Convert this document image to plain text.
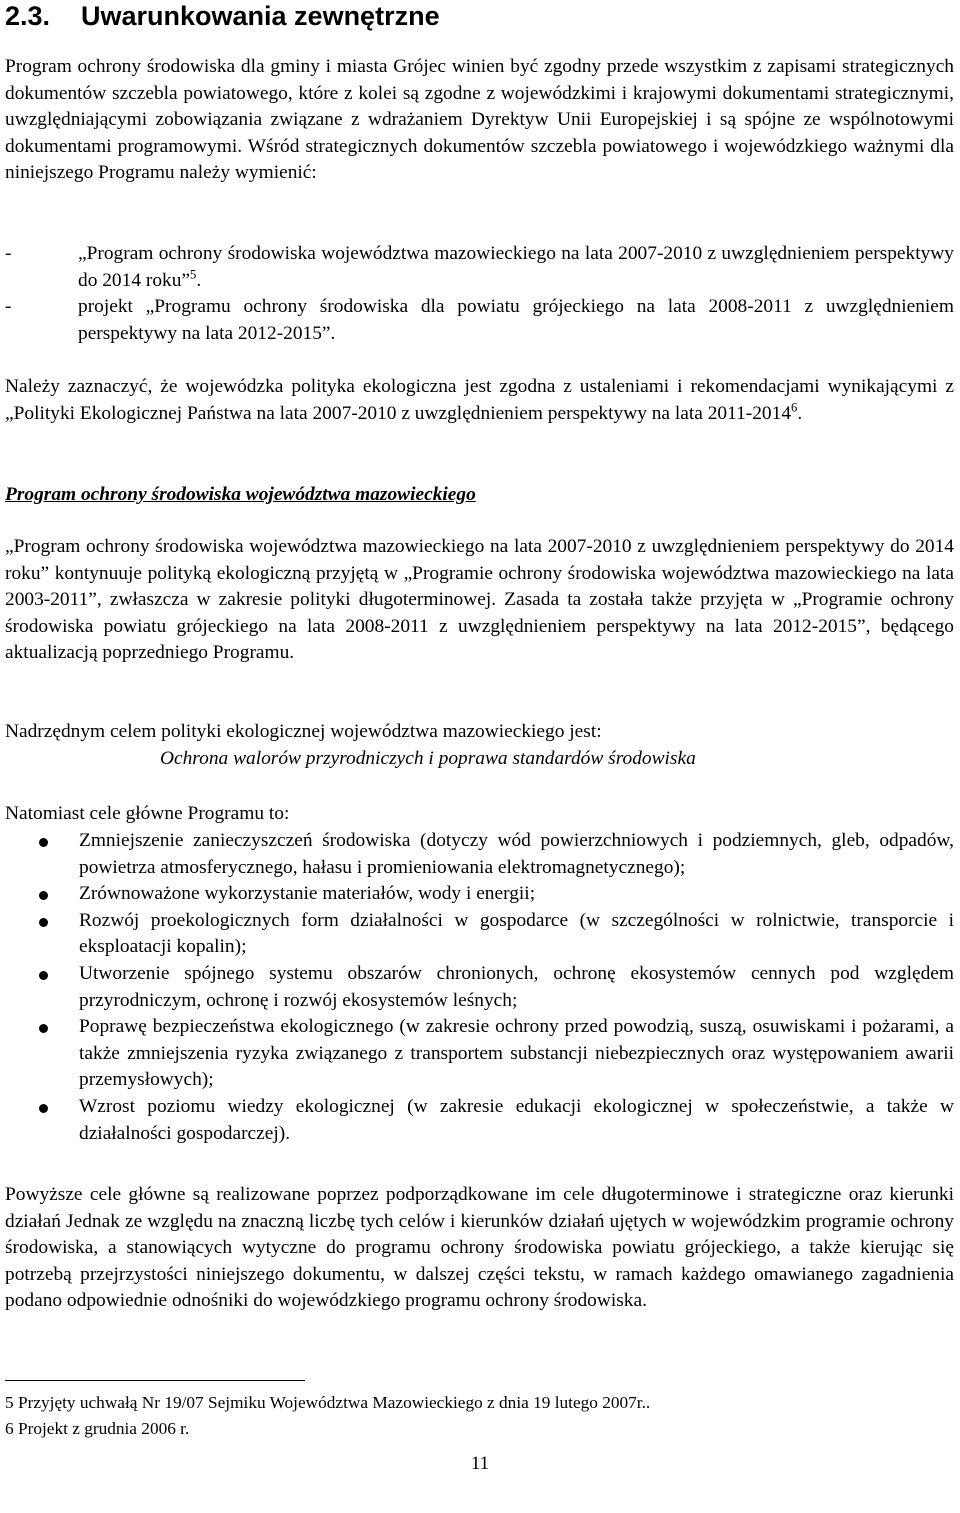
2.3. Uwarunkowania zewnętrzne
Program ochrony środowiska dla gminy i miasta Grójec winien być zgodny przede wszystkim z zapisami strategicznych dokumentów szczebla powiatowego, które z kolei są zgodne z wojewódzkimi i krajowymi dokumentami strategicznymi, uwzględniającymi zobowiązania związane z wdrażaniem Dyrektyw Unii Europejskiej i są spójne ze wspólnotowymi dokumentami programowymi. Wśród strategicznych dokumentów szczebla powiatowego i wojewódzkiego ważnymi dla niniejszego Programu należy wymienić:
-	„Program ochrony środowiska województwa mazowieckiego na lata 2007-2010 z uwzględnieniem perspektywy do 2014 roku”$^5$.
-	projekt „Programu ochrony środowiska dla powiatu grójeckiego na lata 2008-2011 z uwzględnieniem perspektywy na lata 2012-2015”.
Należy zaznaczyć, że wojewódzka polityka ekologiczna jest zgodna z ustaleniami i rekomendacjami wynikającymi z „Polityki Ekologicznej Państwa na lata 2007-2010 z uwzględnieniem perspektywy na lata 2011-2014$^6$.
Program ochrony środowiska województwa mazowieckiego
„Program ochrony środowiska województwa mazowieckiego na lata 2007-2010 z uwzględnieniem perspektywy do 2014 roku” kontynuuje polityką ekologiczną przyjętą w „Programie ochrony środowiska województwa mazowieckiego na lata 2003-2011”, zwłaszcza w zakresie polityki długoterminowej. Zasada ta została także przyjęta w „Programie ochrony środowiska powiatu grójeckiego na lata 2008-2011 z uwzględnieniem perspektywy na lata 2012-2015”, będącego aktualizacją poprzedniego Programu.
Nadrzędnym celem polityki ekologicznej województwa mazowieckiego jest:
Ochrona walorów przyrodniczych i poprawa standardów środowiska
Natomiast cele główne Programu to:
Zmniejszenie zanieczyszczeń środowiska (dotyczy wód powierzchniowych i podziemnych, gleb, odpadów, powietrza atmosferycznego, hałasu i promieniowania elektromagnetycznego);
Zrównoważone wykorzystanie materiałów, wody i energii;
Rozwój proekologicznych form działalności w gospodarce (w szczególności w rolnictwie, transporcie i eksploatacji kopalin);
Utworzenie spójnego systemu obszarów chronionych, ochronę ekosystemów cennych pod względem przyrodniczym, ochronę i rozwój ekosystemów leśnych;
Poprawę bezpieczeństwa ekologicznego (w zakresie ochrony przed powodzią, suszą, osuwiskami i pożarami, a także zmniejszenia ryzyka związanego z transportem substancji niebezpiecznych oraz występowaniem awarii przemysłowych);
Wzrost poziomu wiedzy ekologicznej (w zakresie edukacji ekologicznej w społeczeństwie, a także w działalności gospodarczej).
Powyższe cele główne są realizowane poprzez podporządkowane im cele długoterminowe i strategiczne oraz kierunki działań Jednak ze względu na znaczną liczbę tych celów i kierunków działań ujętych w wojewódzkim programie ochrony środowiska, a stanowiących wytyczne do programu ochrony środowiska powiatu grójeckiego, a także kierując się potrzebą przejrzystości niniejszego dokumentu, w dalszej części tekstu, w ramach każdego omawianego zagadnienia podano odpowiednie odnośniki do wojewódzkiego programu ochrony środowiska.
5 Przyjęty uchwałą Nr 19/07 Sejmiku Województwa Mazowieckiego z dnia 19 lutego 2007r..
6 Projekt z grudnia 2006 r.
11
